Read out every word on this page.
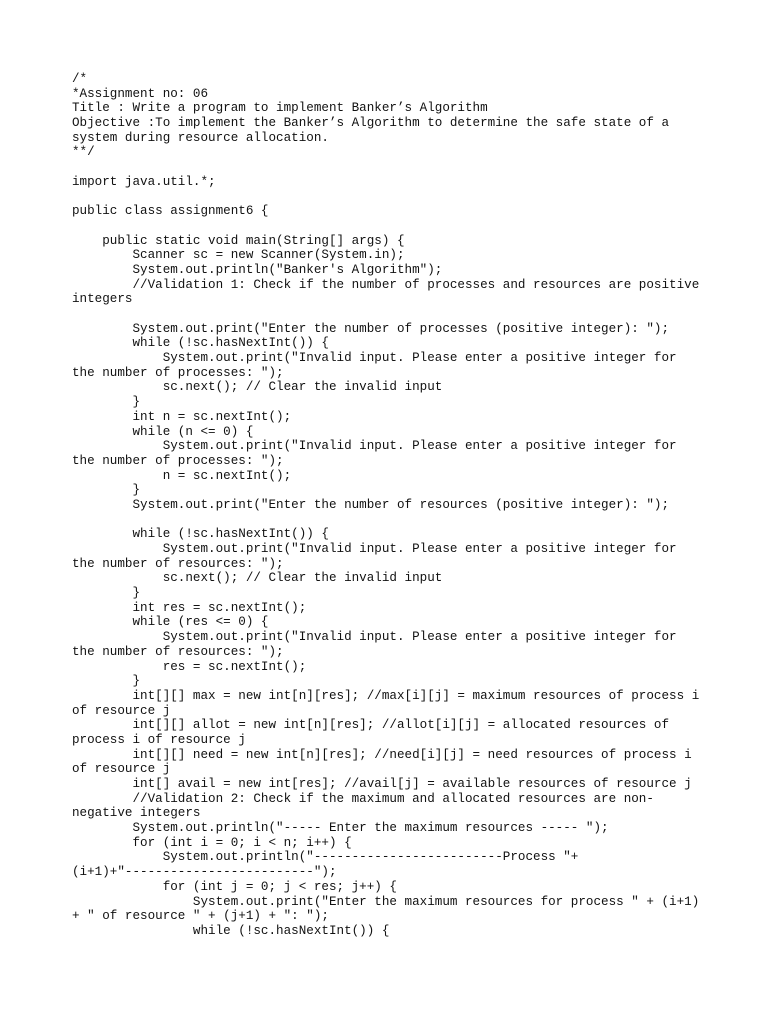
/*
*Assignment no: 06
Title : Write a program to implement Banker’s Algorithm
Objective :To implement the Banker’s Algorithm to determine the safe state of a
system during resource allocation.
**/
import java.util.*;
public class assignment6 {
public static void main(String[] args) {
Scanner sc = new Scanner(System.in);
System.out.println("Banker's Algorithm");
//Validation 1: Check if the number of processes and resources are positive
integers
System.out.print("Enter the number of processes (positive integer): ");
while (!sc.hasNextInt()) {
System.out.print("Invalid input. Please enter a positive integer for
the number of processes: ");
sc.next(); // Clear the invalid input
}
int n = sc.nextInt();
while (n <= 0) {
System.out.print("Invalid input. Please enter a positive integer for
the number of processes: ");
n = sc.nextInt();
}
System.out.print("Enter the number of resources (positive integer): ");
while (!sc.hasNextInt()) {
System.out.print("Invalid input. Please enter a positive integer for
the number of resources: ");
sc.next(); // Clear the invalid input
}
int res = sc.nextInt();
while (res <= 0) {
System.out.print("Invalid input. Please enter a positive integer for
the number of resources: ");
res = sc.nextInt();
}
int[][] max = new int[n][res]; //max[i][j] = maximum resources of process i
of resource j
int[][] allot = new int[n][res]; //allot[i][j] = allocated resources of
process i of resource j
int[][] need = new int[n][res]; //need[i][j] = need resources of process i
of resource j
int[] avail = new int[res]; //avail[j] = available resources of resource j
//Validation 2: Check if the maximum and allocated resources are non-
negative integers
System.out.println("----- Enter the maximum resources ----- ");
for (int i = 0; i < n; i++) {
System.out.println("-------------------------Process "+
(i+1)+"-------------------------");
for (int j = 0; j < res; j++) {
System.out.print("Enter the maximum resources for process " + (i+1)
+ " of resource " + (j+1) + ": ");
while (!sc.hasNextInt()) {
